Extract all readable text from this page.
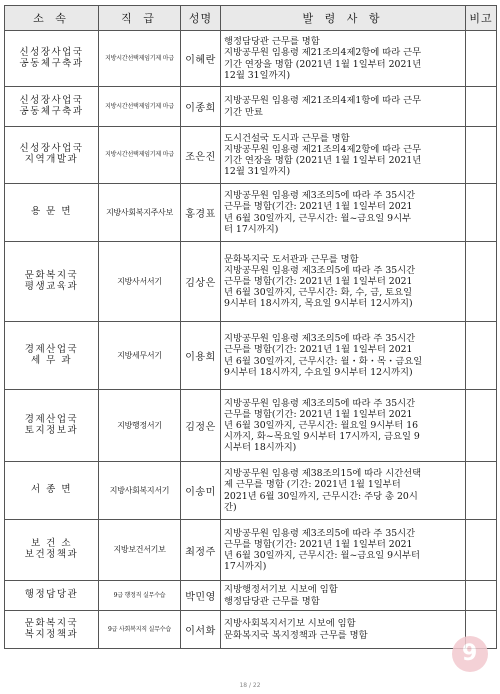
소 속	직 급	성명	발 령 사 항	비고
신성장사업국
공동체구축과	지방시간선택제임기제 마급	이혜란	행정담당관 근무를 명함
지방공무원 임용령 제21조의4제2항에 따라 근무
기간 연장을 명함 (2021년 1월 1일부터 2021년
12월 31일까지)	
신성장사업국
공동체구축과	지방시간선택제임기제 마급	이종희	지방공무원 임용령 제21조의4제1항에 따라 근무
기간 만료	
신성장사업국
지역개발과	지방시간선택제임기제 마급	조은진	도시건설국 도시과 근무를 명함
지방공무원 임용령 제21조의4제2항에 따라 근무
기간 연장을 명함 (2021년 1월 1일부터 2021년
12월 31일까지)	
용 문 면	지방사회복지주사보	홍경표	지방공무원 임용령 제3조의5에 따라 주 35시간
근무를 명함(기간: 2021년 1월 1일부터 2021
년 6월 30일까지, 근무시간: 월~금요일 9시부
터 17시까지)	
문화복지국
평생교육과	지방사서서기	김상은	문화복지국 도서관과 근무를 명함
지방공무원 임용령 제3조의5에 따라 주 35시간
근무를 명함(기간: 2021년 1월 1일부터 2021
년 6월 30일까지, 근무시간: 화, 수, 금, 토요일
9시부터 18시까지, 목요일 9시부터 12시까지)	
경제산업국
세 무 과	지방세무서기	이용희	지방공무원 임용령 제3조의5에 따라 주 35시간
근무를 명함(기간: 2021년 1월 1일부터 2021
년 6월 30일까지, 근무시간: 월・화・목・금요일
9시부터 18시까지, 수요일 9시부터 12시까지)	
경제산업국
토지정보과	지방행정서기	김정은	지방공무원 임용령 제3조의5에 따라 주 35시간
근무를 명함(기간: 2021년 1월 1일부터 2021
년 6월 30일까지, 근무시간: 월요일 9시부터 16
시까지, 화~목요일 9시부터 17시까지, 금요일 9
시부터 18시까지)	
서 종 면	지방사회복지서기	이송미	지방공무원 임용령 제38조의15에 따라 시간선택
제 근무를 명함 (기간: 2021년 1월 1일부터
2021년 6월 30일까지, 근무시간: 주당 총 20시
간)	
보 건 소
보건정책과	지방보건서기보	최정주	지방공무원 임용령 제3조의5에 따라 주 35시간
근무를 명함(기간: 2021년 1월 1일부터 2021
년 6월 30일까지, 근무시간: 월~금요일 9시부터
17시까지)	
행정담당관	9급 행정직 실무수습	박민영	지방행정서기보 시보에 임함
행정담당관 근무를 명함	
문화복지국
복지정책과	9급 사회복지직 실무수습	이서화	지방사회복지서기보 시보에 임함
문화복지국 복지정책과 근무를 명함	
9
18 / 22
